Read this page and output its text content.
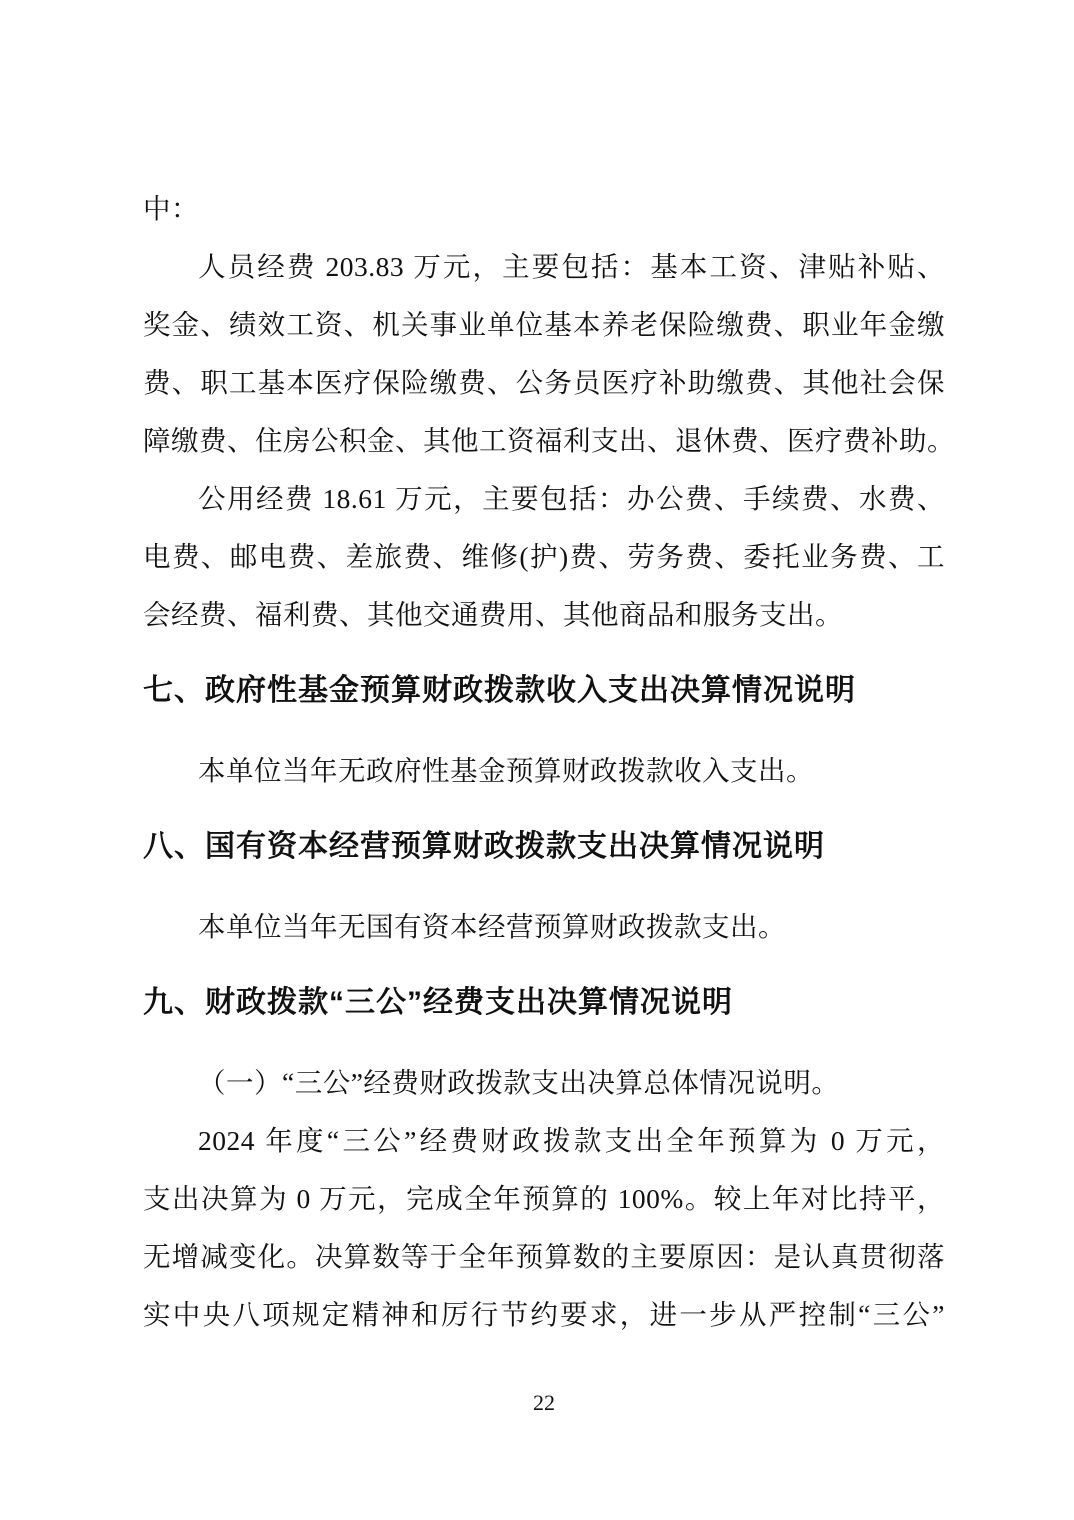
中：
人员经费 203.83 万元，主要包括：基本工资、津贴补贴、
奖金、绩效工资、机关事业单位基本养老保险缴费、职业年金缴
费、职工基本医疗保险缴费、公务员医疗补助缴费、其他社会保
障缴费、住房公积金、其他工资福利支出、退休费、医疗费补助。
公用经费 18.61 万元，主要包括：办公费、手续费、水费、
电费、邮电费、差旅费、维修(护)费、劳务费、委托业务费、工
会经费、福利费、其他交通费用、其他商品和服务支出。
七、政府性基金预算财政拨款收入支出决算情况说明
本单位当年无政府性基金预算财政拨款收入支出。
八、国有资本经营预算财政拨款支出决算情况说明
本单位当年无国有资本经营预算财政拨款支出。
九、财政拨款“三公”经费支出决算情况说明
（一）“三公”经费财政拨款支出决算总体情况说明。
2024 年度“三公”经费财政拨款支出全年预算为 0 万元，
支出决算为 0 万元，完成全年预算的 100%。较上年对比持平，
无增减变化。决算数等于全年预算数的主要原因：是认真贯彻落
实中央八项规定精神和厉行节约要求，进一步从严控制“三公”
22
